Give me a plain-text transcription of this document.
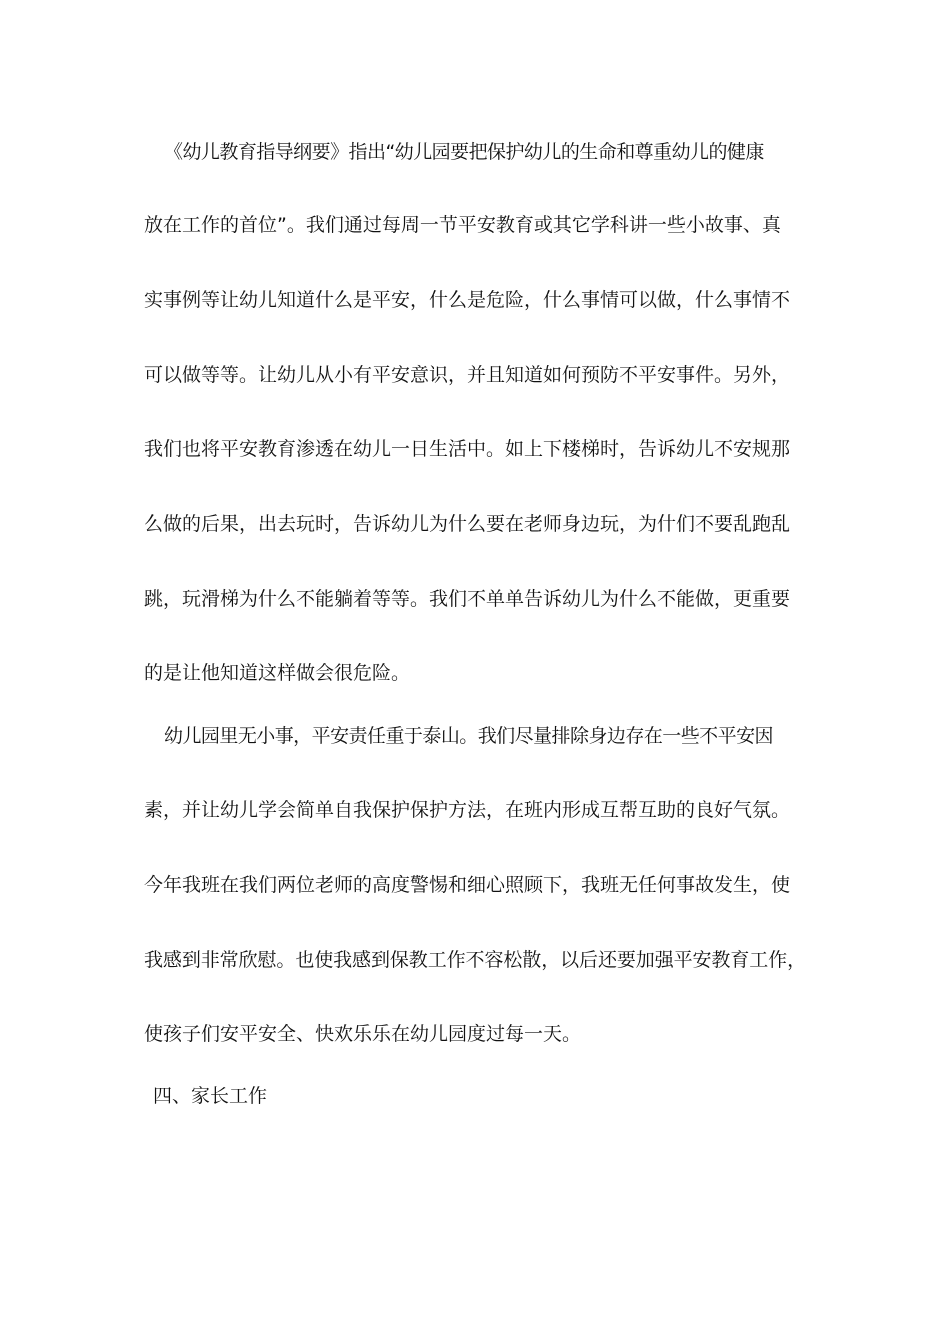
《幼儿教育指导纲要》指出“幼儿园要把保护幼儿的生命和尊重幼儿的健康
放在工作的首位”。我们通过每周一节平安教育或其它学科讲一些小故事、真
实事例等让幼儿知道什么是平安，什么是危险，什么事情可以做，什么事情不
可以做等等。让幼儿从小有平安意识，并且知道如何预防不平安事件。另外，
我们也将平安教育渗透在幼儿一日生活中。如上下楼梯时，告诉幼儿不安规那
么做的后果，出去玩时，告诉幼儿为什么要在老师身边玩，为什们不要乱跑乱
跳，玩滑梯为什么不能躺着等等。我们不单单告诉幼儿为什么不能做，更重要
的是让他知道这样做会很危险。
幼儿园里无小事，平安责任重于泰山。我们尽量排除身边存在一些不平安因
素，并让幼儿学会简单自我保护保护方法，在班内形成互帮互助的良好气氛。
今年我班在我们两位老师的高度警惕和细心照顾下，我班无任何事故发生，使
我感到非常欣慰。也使我感到保教工作不容松散，以后还要加强平安教育工作，
使孩子们安平安全、快欢乐乐在幼儿园度过每一天。
四、家长工作
